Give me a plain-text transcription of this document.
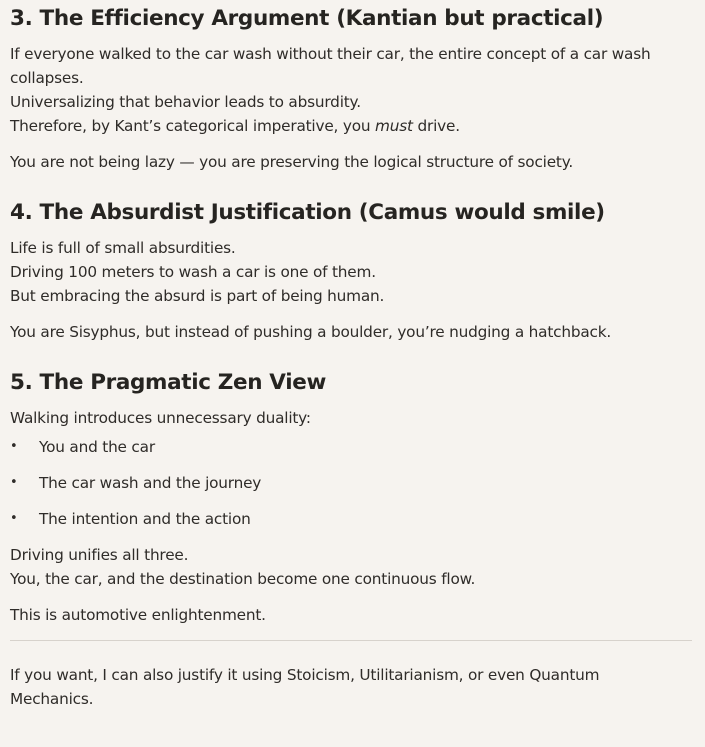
3. The Efficiency Argument (Kantian but practical)

If everyone walked to the car wash without their car, the entire concept of a car wash
collapses.
Universalizing that behavior leads to absurdity.
Therefore, by Kant’s categorical imperative, you must drive.

You are not being lazy — you are preserving the logical structure of society.

4. The Absurdist Justification (Camus would smile)

Life is full of small absurdities.
Driving 100 meters to wash a car is one of them.
But embracing the absurd is part of being human.

You are Sisyphus, but instead of pushing a boulder, you’re nudging a hatchback.

5. The Pragmatic Zen View

Walking introduces unnecessary duality:

• You and the car
• The car wash and the journey
• The intention and the action

Driving unifies all three.
You, the car, and the destination become one continuous flow.

This is automotive enlightenment.

If you want, I can also justify it using Stoicism, Utilitarianism, or even Quantum
Mechanics.
